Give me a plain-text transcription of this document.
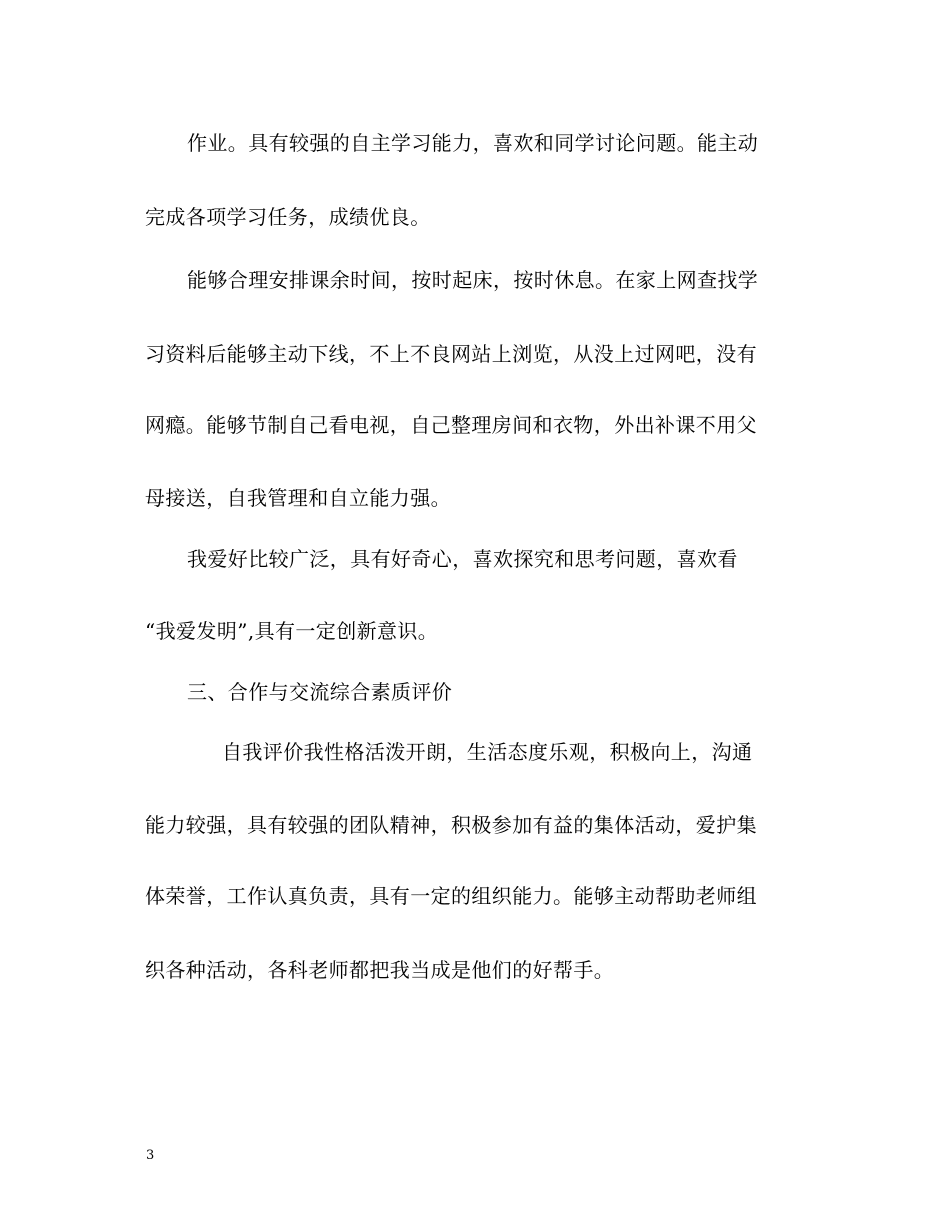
作业。具有较强的自主学习能力，喜欢和同学讨论问题。能主动
完成各项学习任务，成绩优良。
能够合理安排课余时间，按时起床，按时休息。在家上网查找学
习资料后能够主动下线，不上不良网站上浏览，从没上过网吧，没有
网瘾。能够节制自己看电视，自己整理房间和衣物，外出补课不用父
母接送，自我管理和自立能力强。
我爱好比较广泛，具有好奇心，喜欢探究和思考问题，喜欢看
“我爱发明”,具有一定创新意识。
三、合作与交流综合素质评价
自我评价我性格活泼开朗，生活态度乐观，积极向上，沟通
能力较强，具有较强的团队精神，积极参加有益的集体活动，爱护集
体荣誉，工作认真负责，具有一定的组织能力。能够主动帮助老师组
织各种活动，各科老师都把我当成是他们的好帮手。
3
